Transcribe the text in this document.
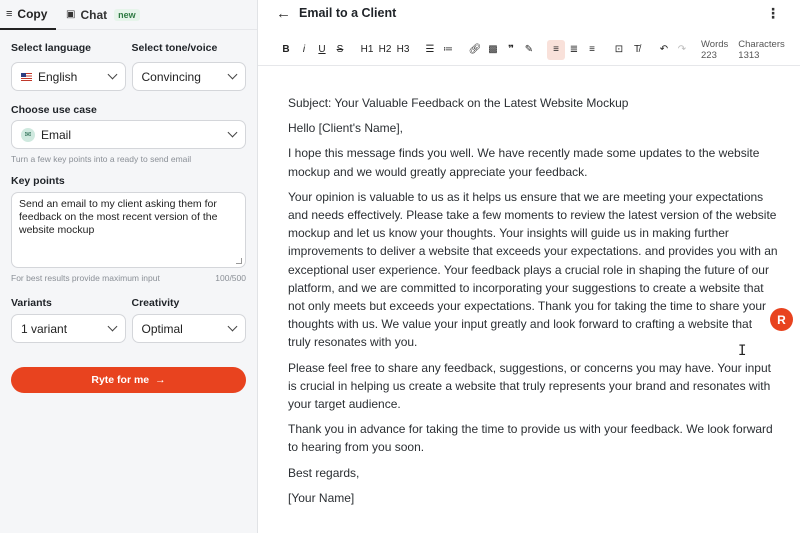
≡ Copy ▣ Chat	new
Select language
English
Select tone/voice
Convincing
Choose use case
✉ Email
Turn a few key points into a ready to send email
Key points
Send an email to my client asking them for feedback on the most recent version of the website mockup
For best results provide maximum input	100/500
Variants
1 variant
Creativity
Optimal
Ryte for me →
← Email to a Client	⋮
B	i	U	S	H1 H2 H3	☰ ≔	🔗︎ ▩	❞	✎	≡	≣	≡	⊡	T̸	↶ ↷	Words
223
Characters
1313

Subject: Your Valuable Feedback on the Latest Website Mockup

Hello [Client's Name],

I hope this message finds you well. We have recently made some updates to the website mockup and we would greatly appreciate your feedback.

Your opinion is valuable to us as it helps us ensure that we are meeting your expectations and needs effectively. Please take a few moments to review the latest version of the website mockup and let us know your thoughts. Your insights will guide us in making further improvements to deliver a website that exceeds your expectations. and provides you with an exceptional user experience. Your feedback plays a crucial role in shaping the future of our platform, and we are committed to incorporating your suggestions to create a website that not only meets but exceeds your expectations. Thank you for taking the time to share your thoughts with us. We value your input greatly and look forward to crafting a website that truly resonates with you.

Please feel free to share any feedback, suggestions, or concerns you may have. Your input is crucial in helping us create a website that truly represents your brand and resonates with your target audience.

Thank you in advance for taking the time to provide us with your feedback. We look forward to hearing from you soon.

Best regards,

[Your Name]

R
I
